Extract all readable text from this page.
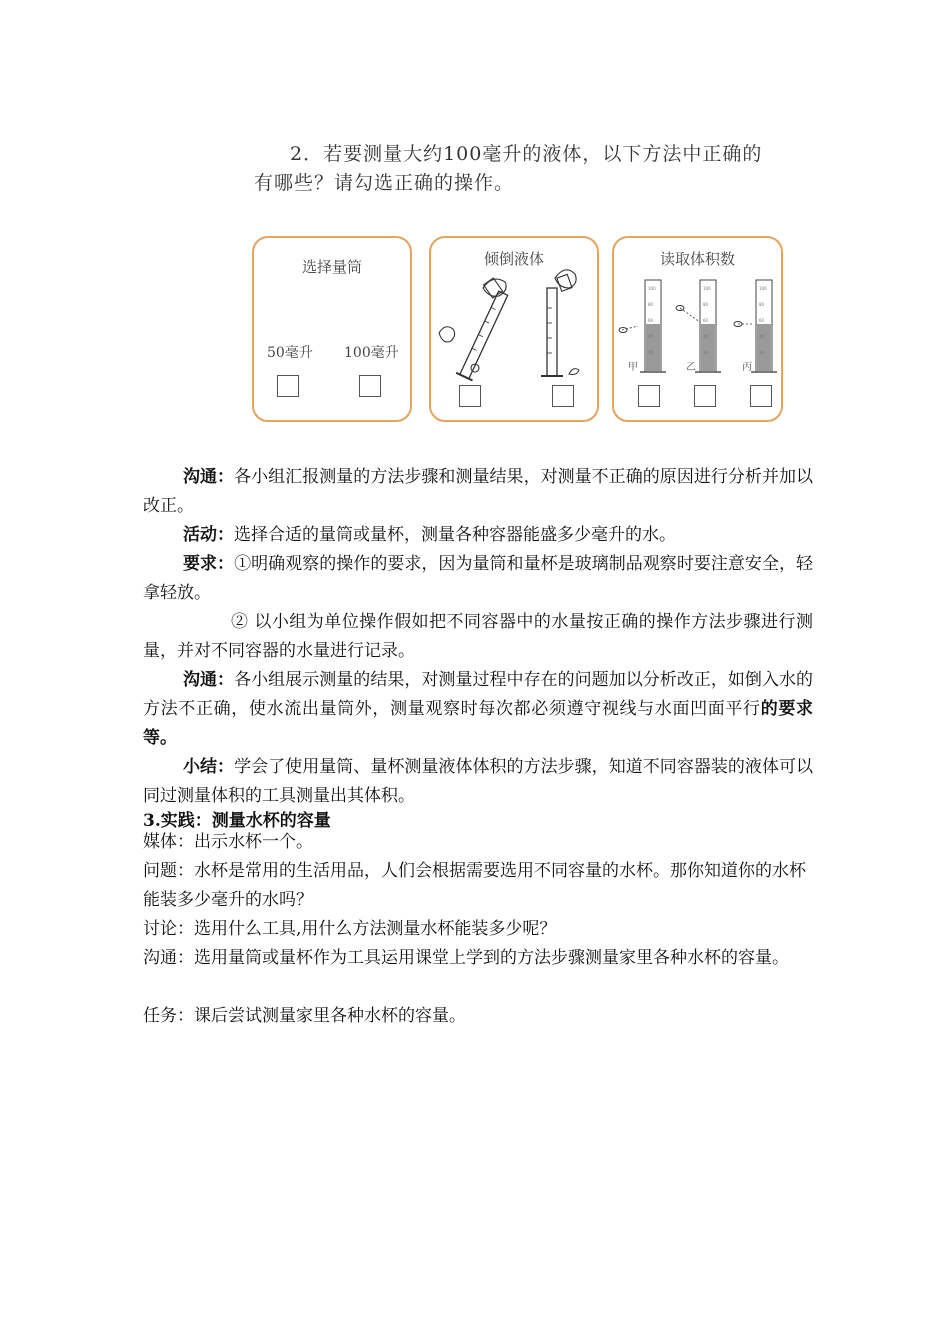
2．若要测量大约100毫升的液体，以下方法中正确的
有哪些？请勾选正确的操作。
选择量筒
50毫升 100毫升
倾倒液体	读取体积数
100
80
60
40
20
甲
100
80
60
40
20
乙
100
80
60
40
20
丙
沟通：各小组汇报测量的方法步骤和测量结果，对测量不正确的原因进行分析并加以改正。
活动：选择合适的量筒或量杯，测量各种容器能盛多少毫升的水。
要求：①明确观察的操作的要求，因为量筒和量杯是玻璃制品观察时要注意安全，轻拿轻放。
② 以小组为单位操作假如把不同容器中的水量按正确的操作方法步骤进行测量，并对不同容器的水量进行记录。
沟通：各小组展示测量的结果，对测量过程中存在的问题加以分析改正，如倒入水的方法不正确，使水流出量筒外，测量观察时每次都必须遵守视线与水面凹面平行的要求等。
小结：学会了使用量筒、量杯测量液体体积的方法步骤，知道不同容器装的液体可以同过测量体积的工具测量出其体积。
3.实践：测量水杯的容量
媒体：出示水杯一个。
问题：水杯是常用的生活用品，人们会根据需要选用不同容量的水杯。那你知道你的水杯能装多少毫升的水吗？
讨论：选用什么工具,用什么方法测量水杯能装多少呢？
沟通：选用量筒或量杯作为工具运用课堂上学到的方法步骤测量家里各种水杯的容量。
任务：课后尝试测量家里各种水杯的容量。
